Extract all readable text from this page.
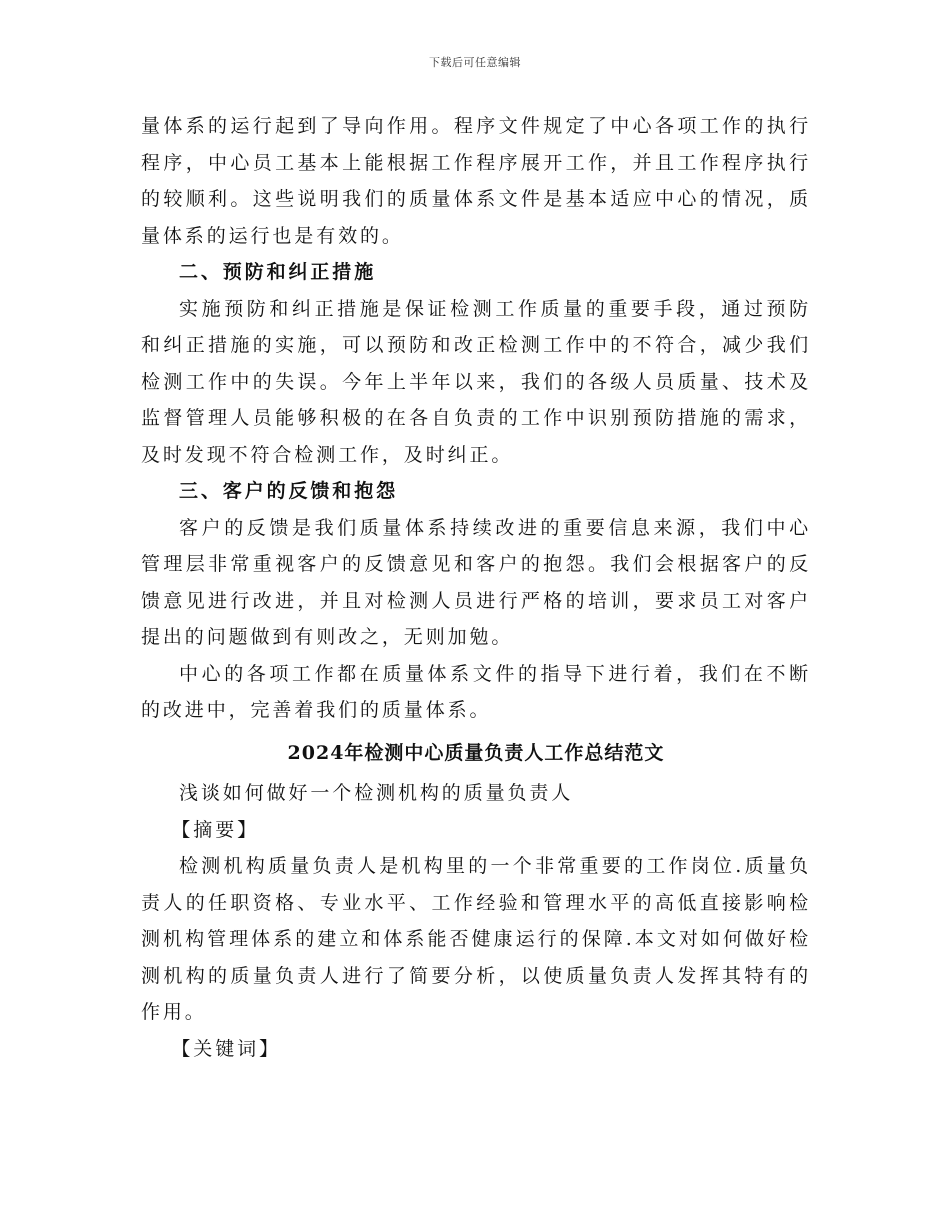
下载后可任意编辑

量体系的运行起到了导向作用。程序文件规定了中心各项工作的执行程序，中心员工基本上能根据工作程序展开工作，并且工作程序执行的较顺利。这些说明我们的质量体系文件是基本适应中心的情况，质量体系的运行也是有效的。

二、预防和纠正措施

实施预防和纠正措施是保证检测工作质量的重要手段，通过预防和纠正措施的实施，可以预防和改正检测工作中的不符合，减少我们检测工作中的失误。今年上半年以来，我们的各级人员质量、技术及监督管理人员能够积极的在各自负责的工作中识别预防措施的需求，及时发现不符合检测工作，及时纠正。

三、客户的反馈和抱怨

客户的反馈是我们质量体系持续改进的重要信息来源，我们中心管理层非常重视客户的反馈意见和客户的抱怨。我们会根据客户的反馈意见进行改进，并且对检测人员进行严格的培训，要求员工对客户提出的问题做到有则改之，无则加勉。

中心的各项工作都在质量体系文件的指导下进行着，我们在不断的改进中，完善着我们的质量体系。

2024年检测中心质量负责人工作总结范文

浅谈如何做好一个检测机构的质量负责人

【摘要】

检测机构质量负责人是机构里的一个非常重要的工作岗位.质量负责人的任职资格、专业水平、工作经验和管理水平的高低直接影响检测机构管理体系的建立和体系能否健康运行的保障.本文对如何做好检测机构的质量负责人进行了简要分析，以使质量负责人发挥其特有的作用。

【关键词】
